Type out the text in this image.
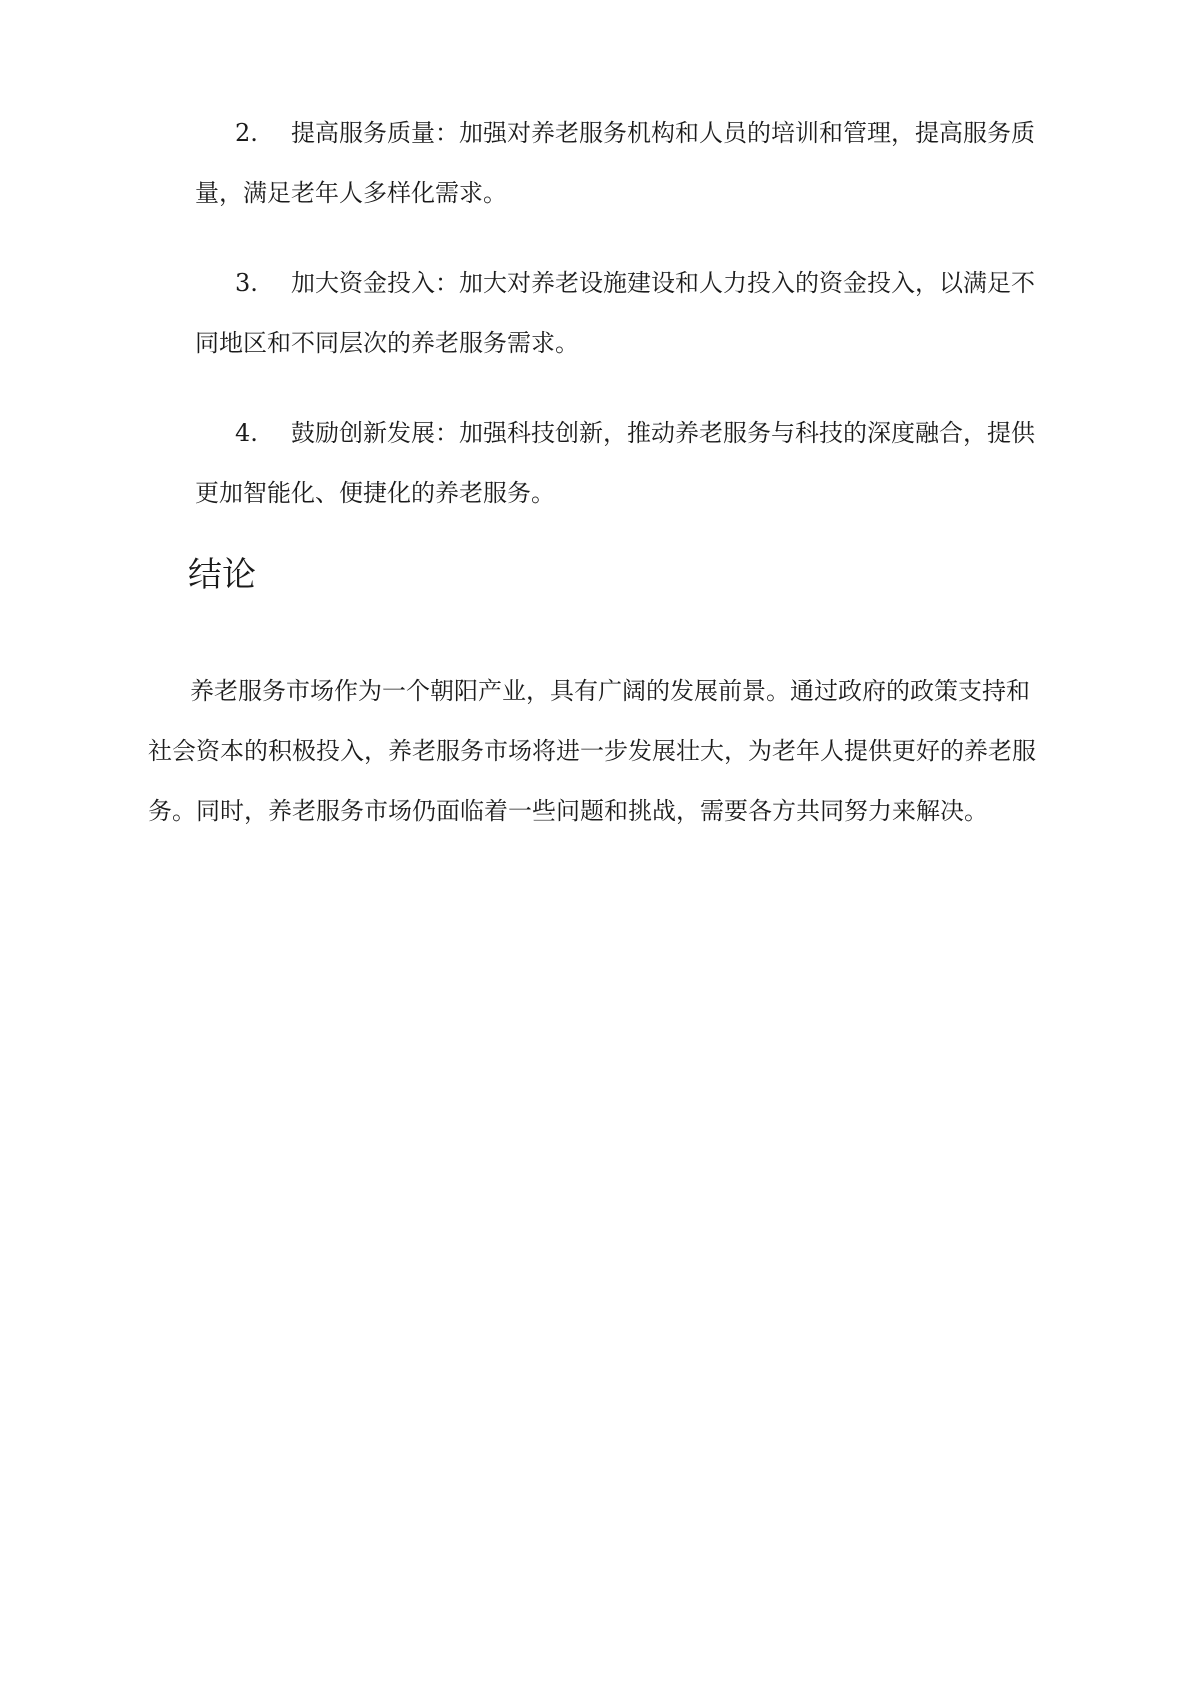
2. 提高服务质量：加强对养老服务机构和人员的培训和管理，提高服务质
量，满足老年人多样化需求。
3. 加大资金投入：加大对养老设施建设和人力投入的资金投入，以满足不
同地区和不同层次的养老服务需求。
4. 鼓励创新发展：加强科技创新，推动养老服务与科技的深度融合，提供
更加智能化、便捷化的养老服务。
结论
养老服务市场作为一个朝阳产业，具有广阔的发展前景。通过政府的政策支持和
社会资本的积极投入，养老服务市场将进一步发展壮大，为老年人提供更好的养老服
务。同时，养老服务市场仍面临着一些问题和挑战，需要各方共同努力来解决。
